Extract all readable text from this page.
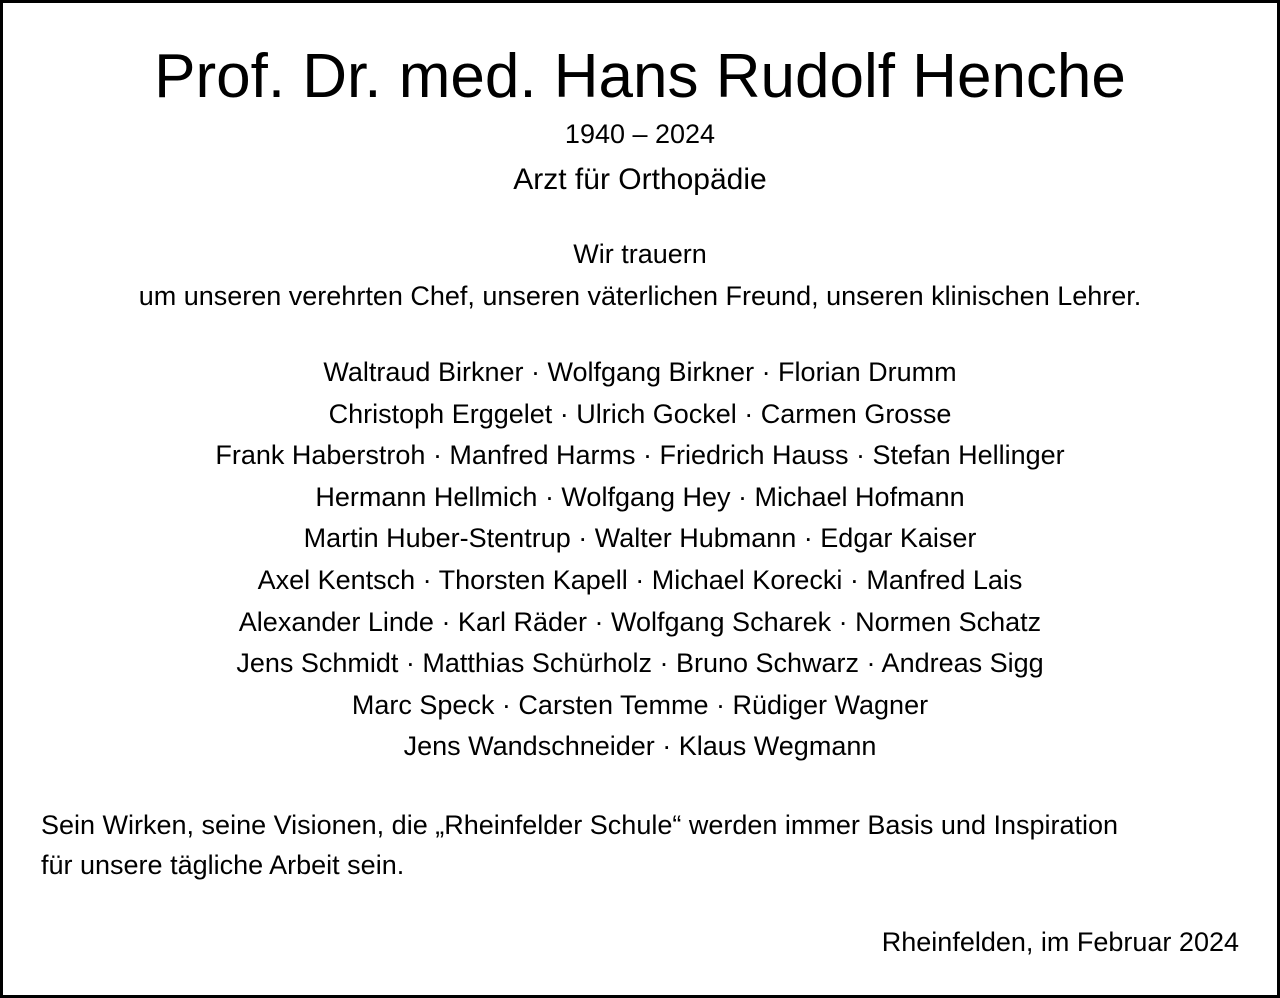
Prof. Dr. med. Hans Rudolf Henche
1940 – 2024
Arzt für Orthopädie
Wir trauern
um unseren verehrten Chef, unseren väterlichen Freund, unseren klinischen Lehrer.
Waltraud Birkner · Wolfgang Birkner · Florian Drumm
Christoph Erggelet · Ulrich Gockel · Carmen Grosse
Frank Haberstroh · Manfred Harms · Friedrich Hauss · Stefan Hellinger
Hermann Hellmich · Wolfgang Hey · Michael Hofmann
Martin Huber-Stentrup · Walter Hubmann · Edgar Kaiser
Axel Kentsch · Thorsten Kapell · Michael Korecki · Manfred Lais
Alexander Linde · Karl Räder · Wolfgang Scharek · Normen Schatz
Jens Schmidt · Matthias Schürholz · Bruno Schwarz · Andreas Sigg
Marc Speck · Carsten Temme · Rüdiger Wagner
Jens Wandschneider · Klaus Wegmann
Sein Wirken, seine Visionen, die „Rheinfelder Schule“ werden immer Basis und Inspiration
für unsere tägliche Arbeit sein.
Rheinfelden, im Februar 2024
